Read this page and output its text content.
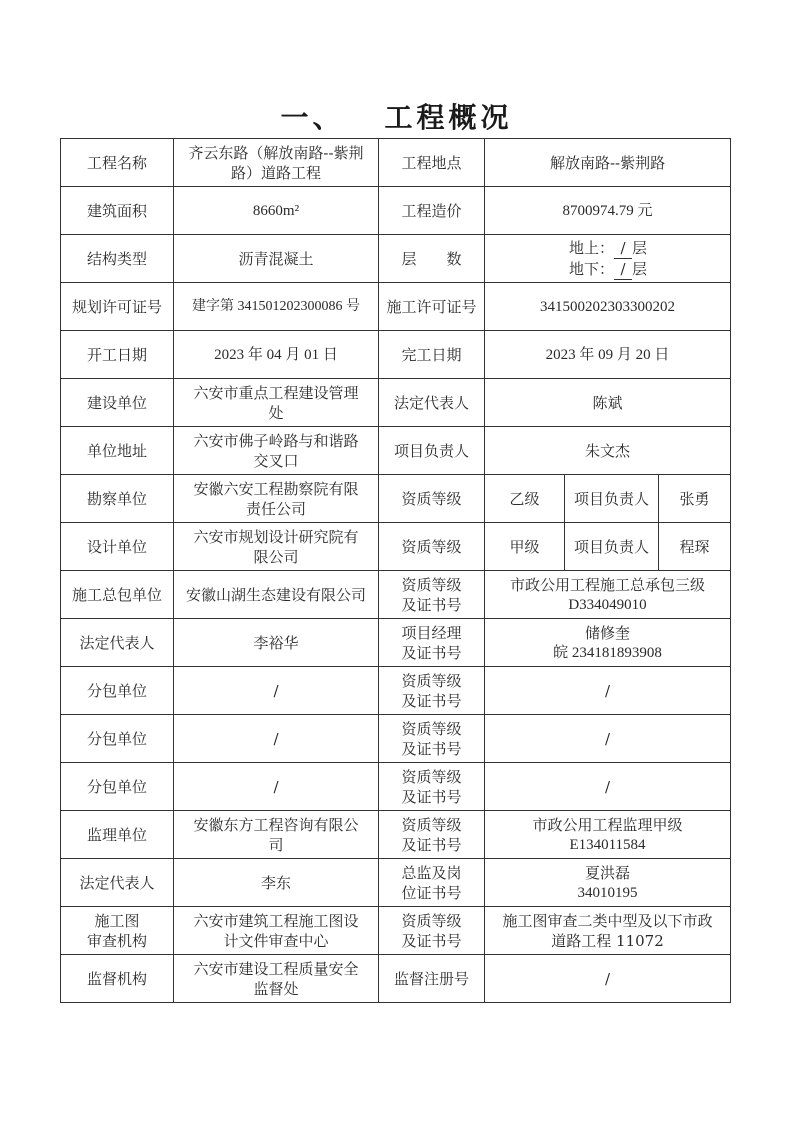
一、 工程概况
工程名称	齐云东路（解放南路--紫荆
路）道路工程	工程地点	解放南路--紫荆路		
建筑面积	8660m²	工程造价	8700974.79 元		
结构类型	沥青混凝土	层　　数	地上： / 层
地下： / 层		

规划许可证号	建字第 341501202300086 号	施工许可证号	341500202303300202		
开工日期	2023 年 04 月 01 日	完工日期	2023 年 09 月 20 日		
建设单位	六安市重点工程建设管理
处	法定代表人	陈斌		
单位地址	六安市佛子岭路与和谐路
交叉口	项目负责人	朱文杰		
勘察单位	安徽六安工程勘察院有限
责任公司	资质等级	乙级	项目负责人	张勇
设计单位	六安市规划设计研究院有
限公司	资质等级	甲级	项目负责人	程琛
施工总包单位	安徽山湖生态建设有限公司	资质等级
及证书号	市政公用工程施工总承包三级
D334049010		

法定代表人	李裕华	项目经理
及证书号	储修奎
皖 234181893908		

分包单位	/	资质等级
及证书号	/		
分包单位	/	资质等级
及证书号	/		
分包单位	/	资质等级
及证书号	/		
监理单位	安徽东方工程咨询有限公
司	资质等级
及证书号	市政公用工程监理甲级
E134011584		

法定代表人	李东	总监及岗
位证书号	夏洪磊
34010195		

施工图
审查机构	六安市建筑工程施工图设
计文件审查中心	资质等级
及证书号	施工图审查二类中型及以下市政
道路工程 11072		

监督机构	六安市建设工程质量安全
监督处	监督注册号	/		
